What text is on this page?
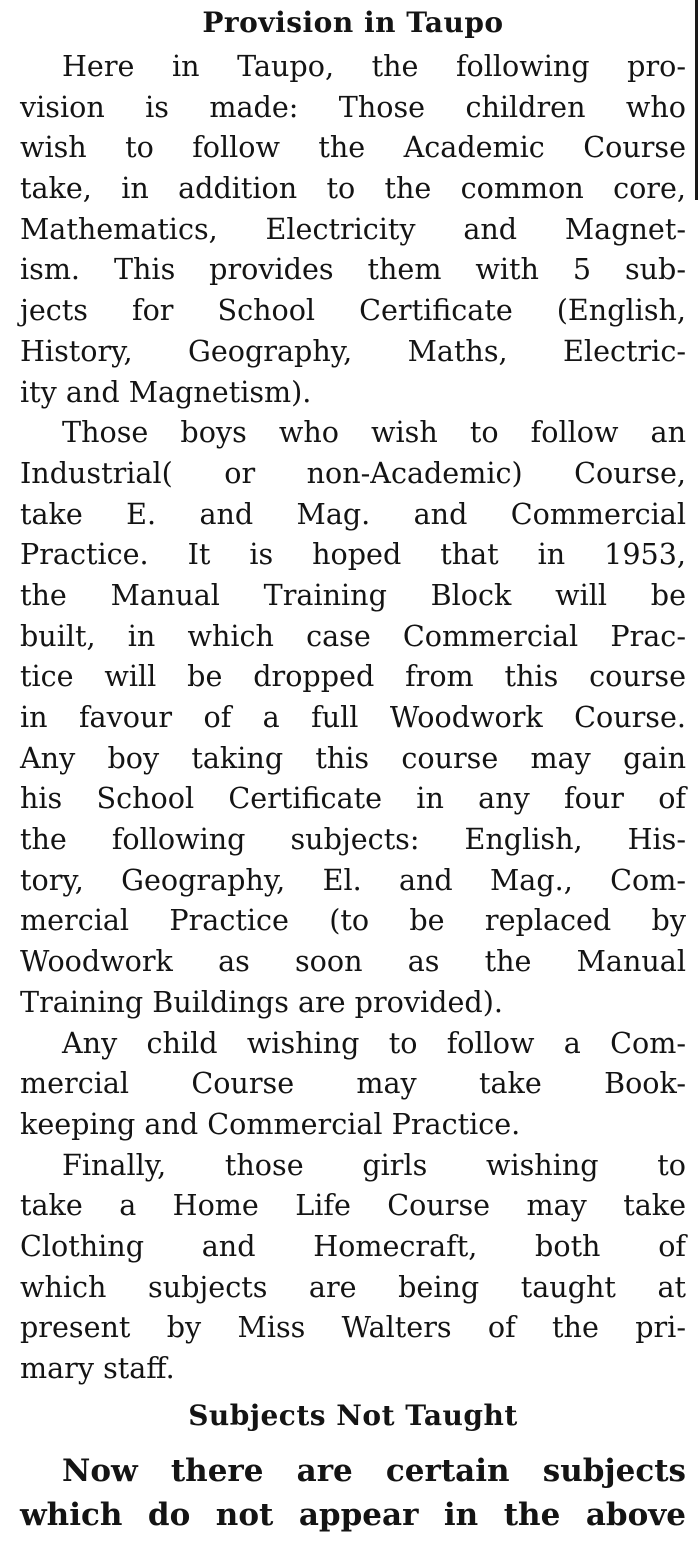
Provision in Taupo
Here in Taupo, the following pro-
vision is made: Those children who
wish to follow the Academic Course
take, in addition to the common core,
Mathematics, Electricity and Magnet-
ism. This provides them with 5 sub-
jects for School Certificate (English,
History, Geography, Maths, Electric-
ity and Magnetism).
Those boys who wish to follow an
Industrial( or non-Academic) Course,
take E. and Mag. and Commercial
Practice. It is hoped that in 1953,
the Manual Training Block will be
built, in which case Commercial Prac-
tice will be dropped from this course
in favour of a full Woodwork Course.
Any boy taking this course may gain
his School Certificate in any four of
the following subjects: English, His-
tory, Geography, El. and Mag., Com-
mercial Practice (to be replaced by
Woodwork as soon as the Manual
Training Buildings are provided).
Any child wishing to follow a Com-
mercial Course may take Book-
keeping and Commercial Practice.
Finally, those girls wishing to
take a Home Life Course may take
Clothing and Homecraft, both of
which subjects are being taught at
present by Miss Walters of the pri-
mary staff.
Subjects Not Taught
Now there are certain subjects
which do not appear in the above
